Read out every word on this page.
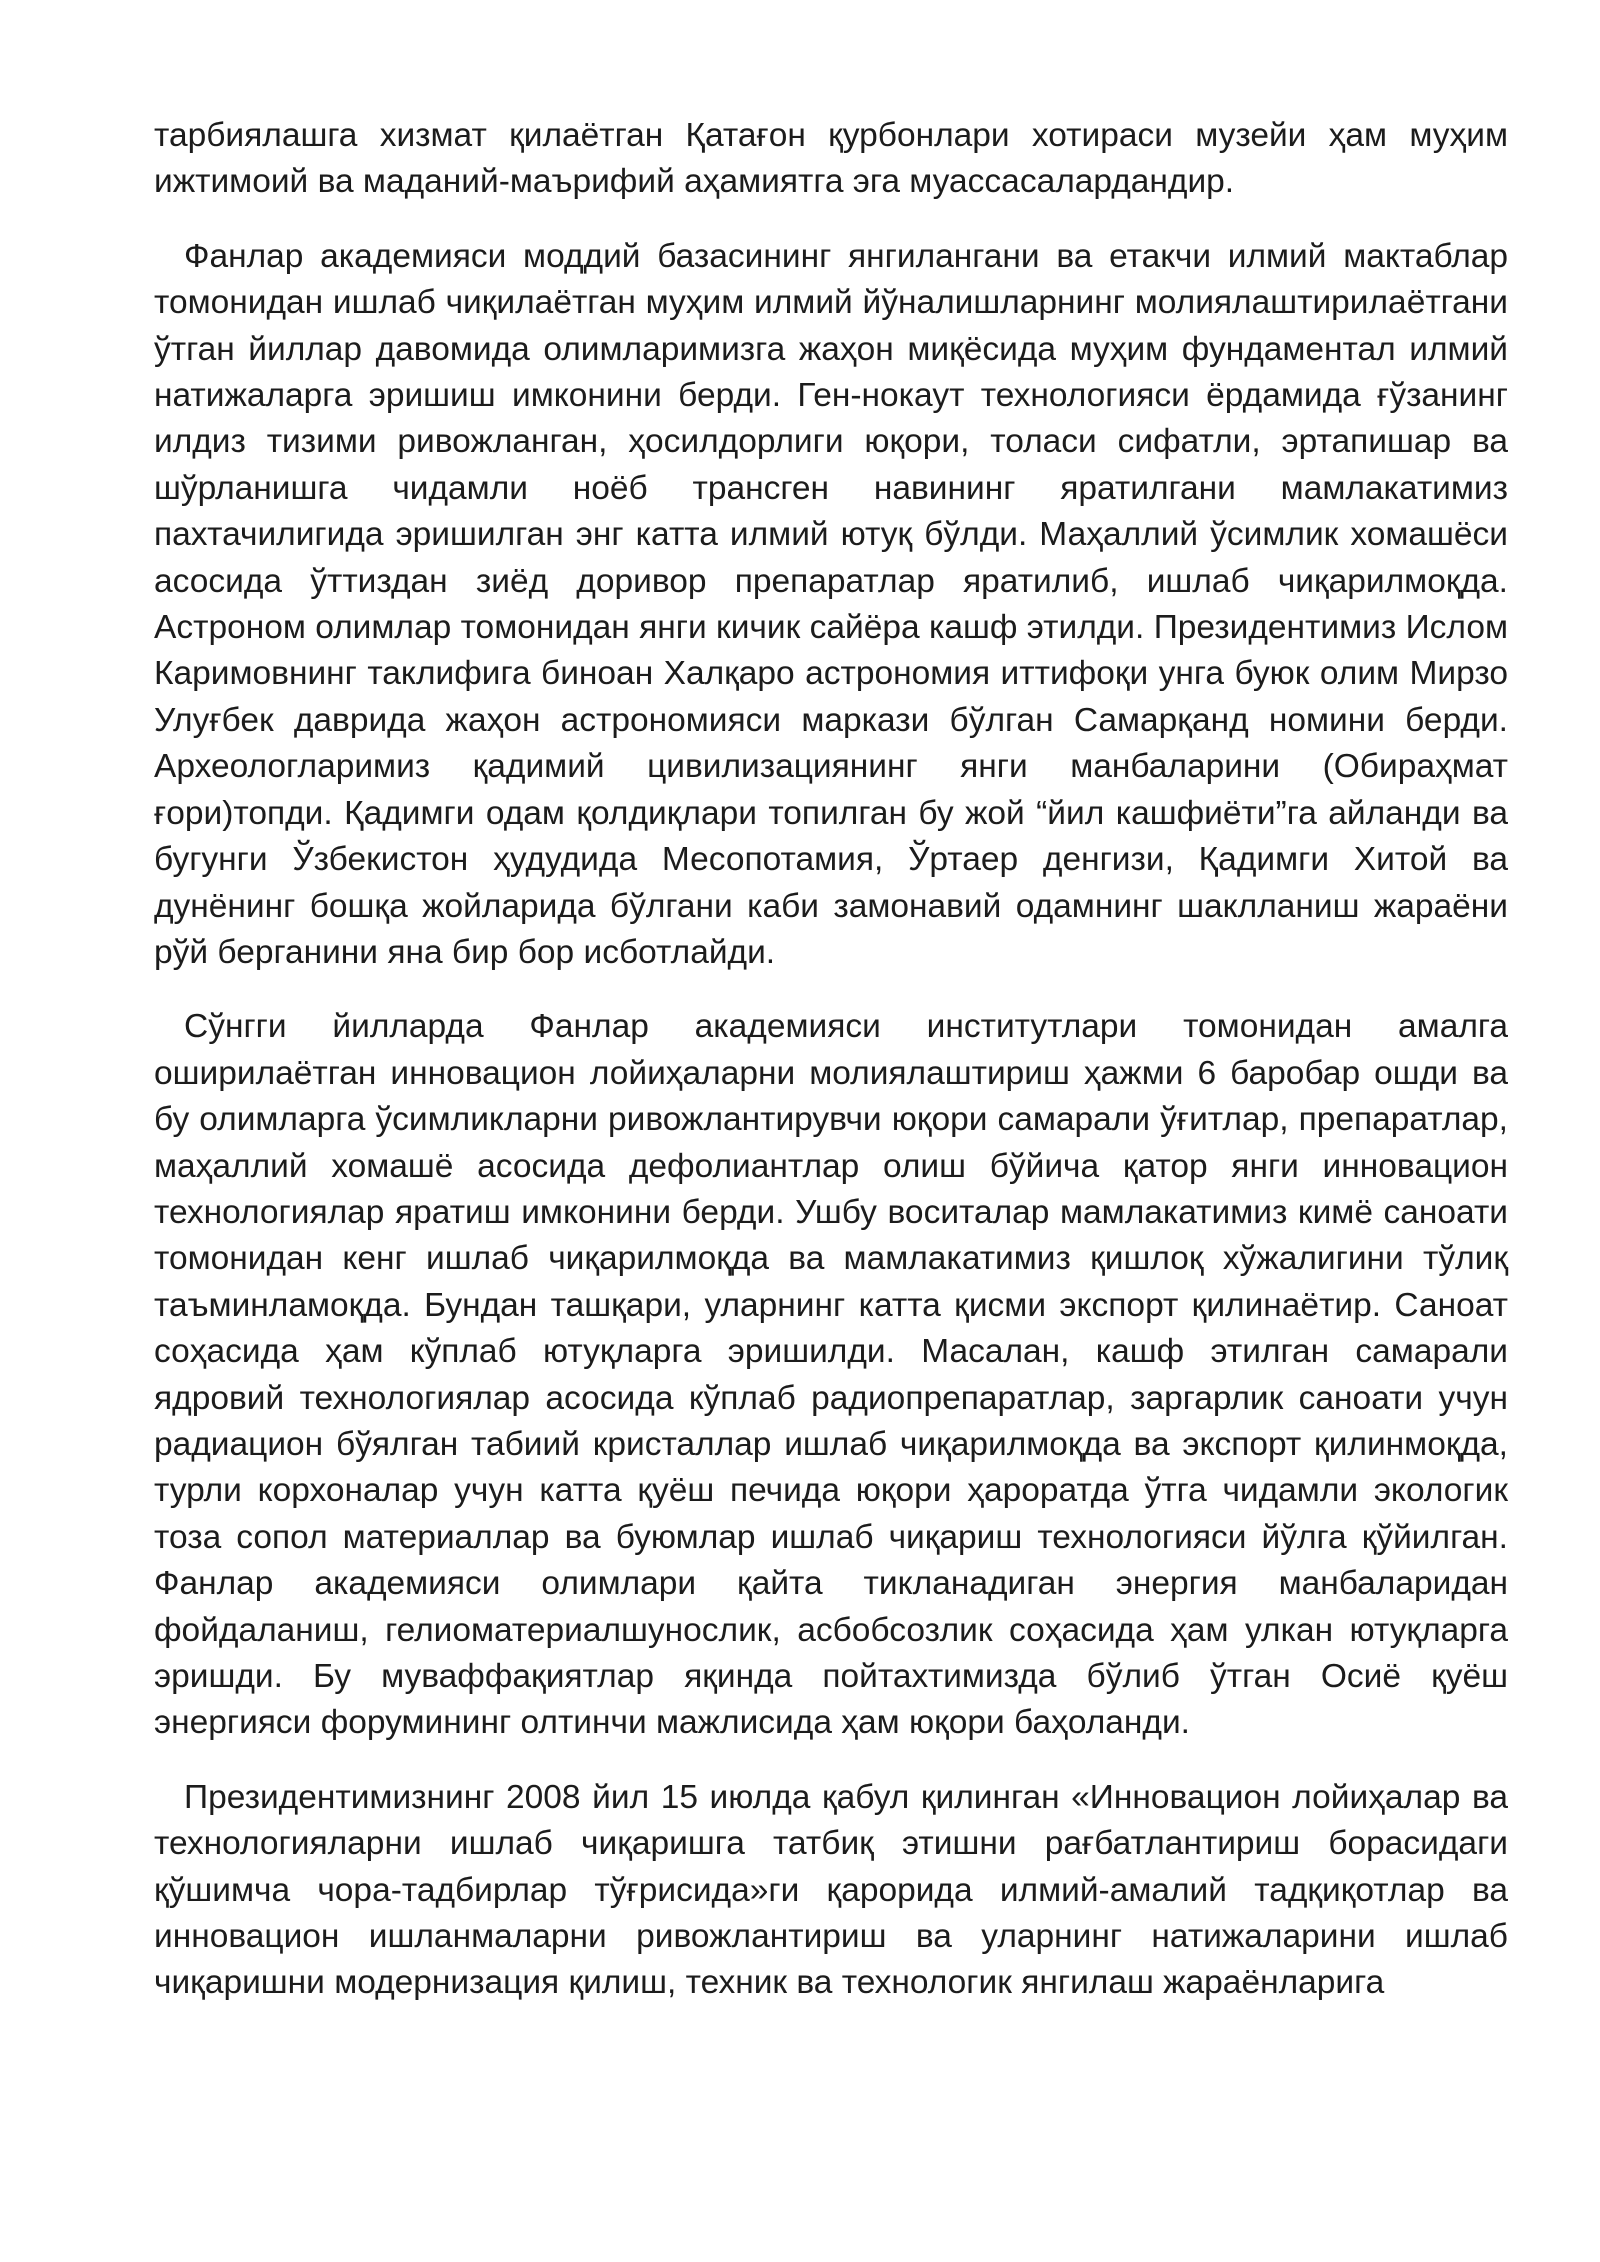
тарбиялашга хизмат қилаётган Қатағон қурбонлари хотираси музейи ҳам муҳим ижтимоий ва маданий-маърифий аҳамиятга эга муассасалардандир.

Фанлар академияси моддий базасининг янгилангани ва етакчи илмий мактаблар томонидан ишлаб чиқилаётган муҳим илмий йўналишларнинг молиялаштирилаётгани ўтган йиллар давомида олимларимизга жаҳон миқёсида муҳим фундаментал илмий натижаларга эришиш имконини берди. Ген-нокаут технологияси ёрдамида ғўзанинг илдиз тизими ривожланган, ҳосилдорлиги юқори, толаси сифатли, эртапишар ва шўрланишга чидамли ноёб трансген навининг яратилгани мамлакатимиз пахтачилигида эришилган энг катта илмий ютуқ бўлди. Маҳаллий ўсимлик хомашёси асосида ўттиздан зиёд доривор препаратлар яратилиб, ишлаб чиқарилмоқда. Астроном олимлар томонидан янги кичик сайёра кашф этилди. Президентимиз Ислом Каримовнинг таклифига биноан Халқаро астрономия иттифоқи унга буюк олим Мирзо Улуғбек даврида жаҳон астрономияси маркази бўлган Самарқанд номини берди. Археологларимиз қадимий цивилизациянинг янги манбаларини (Обираҳмат ғори)топди. Қадимги одам қолдиқлари топилган бу жой “йил кашфиёти”га айланди ва бугунги Ўзбекистон ҳудудида Месопотамия, Ўртаер денгизи, Қадимги Хитой ва дунёнинг бошқа жойларида бўлгани каби замонавий одамнинг шаклланиш жараёни рўй берганини яна бир бор исботлайди.

Сўнгги йилларда Фанлар академияси институтлари томонидан амалга оширилаётган инновацион лойиҳаларни молиялаштириш ҳажми 6 баробар ошди ва бу олимларга ўсимликларни ривожлантирувчи юқори самарали ўғитлар, препаратлар, маҳаллий хомашё асосида дефолиантлар олиш бўйича қатор янги инновацион технологиялар яратиш имконини берди. Ушбу воситалар мамлакатимиз кимё саноати томонидан кенг ишлаб чиқарилмоқда ва мамлакатимиз қишлоқ хўжалигини тўлиқ таъминламоқда. Бундан ташқари, уларнинг катта қисми экспорт қилинаётир. Саноат соҳасида ҳам кўплаб ютуқларга эришилди. Масалан, кашф этилган самарали ядровий технологиялар асосида кўплаб радиопрепаратлар, заргарлик саноати учун радиацион бўялган табиий кристаллар ишлаб чиқарилмоқда ва экспорт қилинмоқда, турли корхоналар учун катта қуёш печида юқори ҳароратда ўтга чидамли экологик тоза сопол материаллар ва буюмлар ишлаб чиқариш технологияси йўлга қўйилган. Фанлар академияси олимлари қайта тикланадиган энергия манбаларидан фойдаланиш, гелиоматериалшунослик, асбобсозлик соҳасида ҳам улкан ютуқларга эришди. Бу муваффақиятлар яқинда пойтахтимизда бўлиб ўтган Осиё қуёш энергияси форумининг олтинчи мажлисида ҳам юқори баҳоланди.

Президентимизнинг 2008 йил 15 июлда қабул қилинган «Инновацион лойиҳалар ва технологияларни ишлаб чиқаришга татбиқ этишни рағбатлантириш борасидаги қўшимча чора-тадбирлар тўғрисида»ги қарорида илмий-амалий тадқиқотлар ва инновацион ишланмаларни ривожлантириш ва уларнинг натижаларини ишлаб чиқаришни модернизация қилиш, техник ва технологик янгилаш жараёнларига
